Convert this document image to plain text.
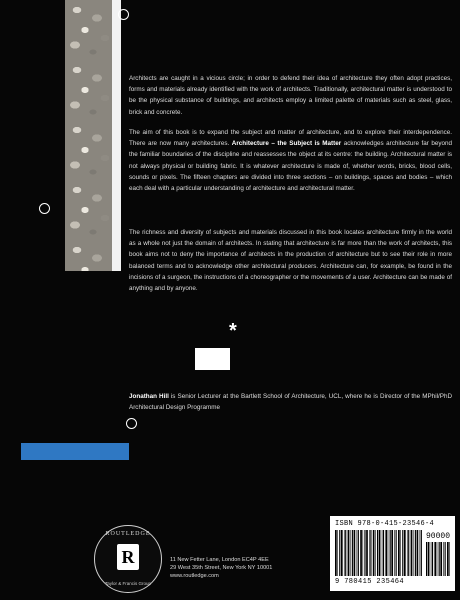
Architects are caught in a vicious circle; in order to defend their idea of architecture they often adopt practices, forms and materials already identified with the work of architects. Traditionally, architectural matter is understood to be the physical substance of buildings, and architects employ a limited palette of materials such as steel, glass, brick and concrete.
The aim of this book is to expand the subject and matter of architecture, and to explore their interdependence. There are now many architectures. Architecture – the Subject is Matter acknowledges architecture far beyond the familiar boundaries of the discipline and reassesses the object at its centre: the building. Architectural matter is not always physical or building fabric. It is whatever architecture is made of, whether words, bricks, blood cells, sounds or pixels. The fifteen chapters are divided into three sections – on buildings, spaces and bodies – which each deal with a particular understanding of architecture and architectural matter.
The richness and diversity of subjects and materials discussed in this book locates architecture firmly in the world as a whole not just the domain of architects. In stating that architecture is far more than the work of architects, this book aims not to deny the importance of architects in the production of architecture but to see their role in more balanced terms and to acknowledge other architectural producers. Architecture can, for example, be found in the incisions of a surgeon, the instructions of a choreographer or the movements of a user. Architecture can be made of anything and by anyone.
*
Jonathan Hill is Senior Lecturer at the Bartlett School of Architecture, UCL, where he is Director of the MPhil/PhD Architectural Design Programme
ROUTLEDGE
R
Taylor & Francis Group
11 New Fetter Lane, London EC4P 4EE
29 West 35th Street, New York NY 10001
www.routledge.com
ISBN 978-0-415-23546-4
90000
9 780415 235464
